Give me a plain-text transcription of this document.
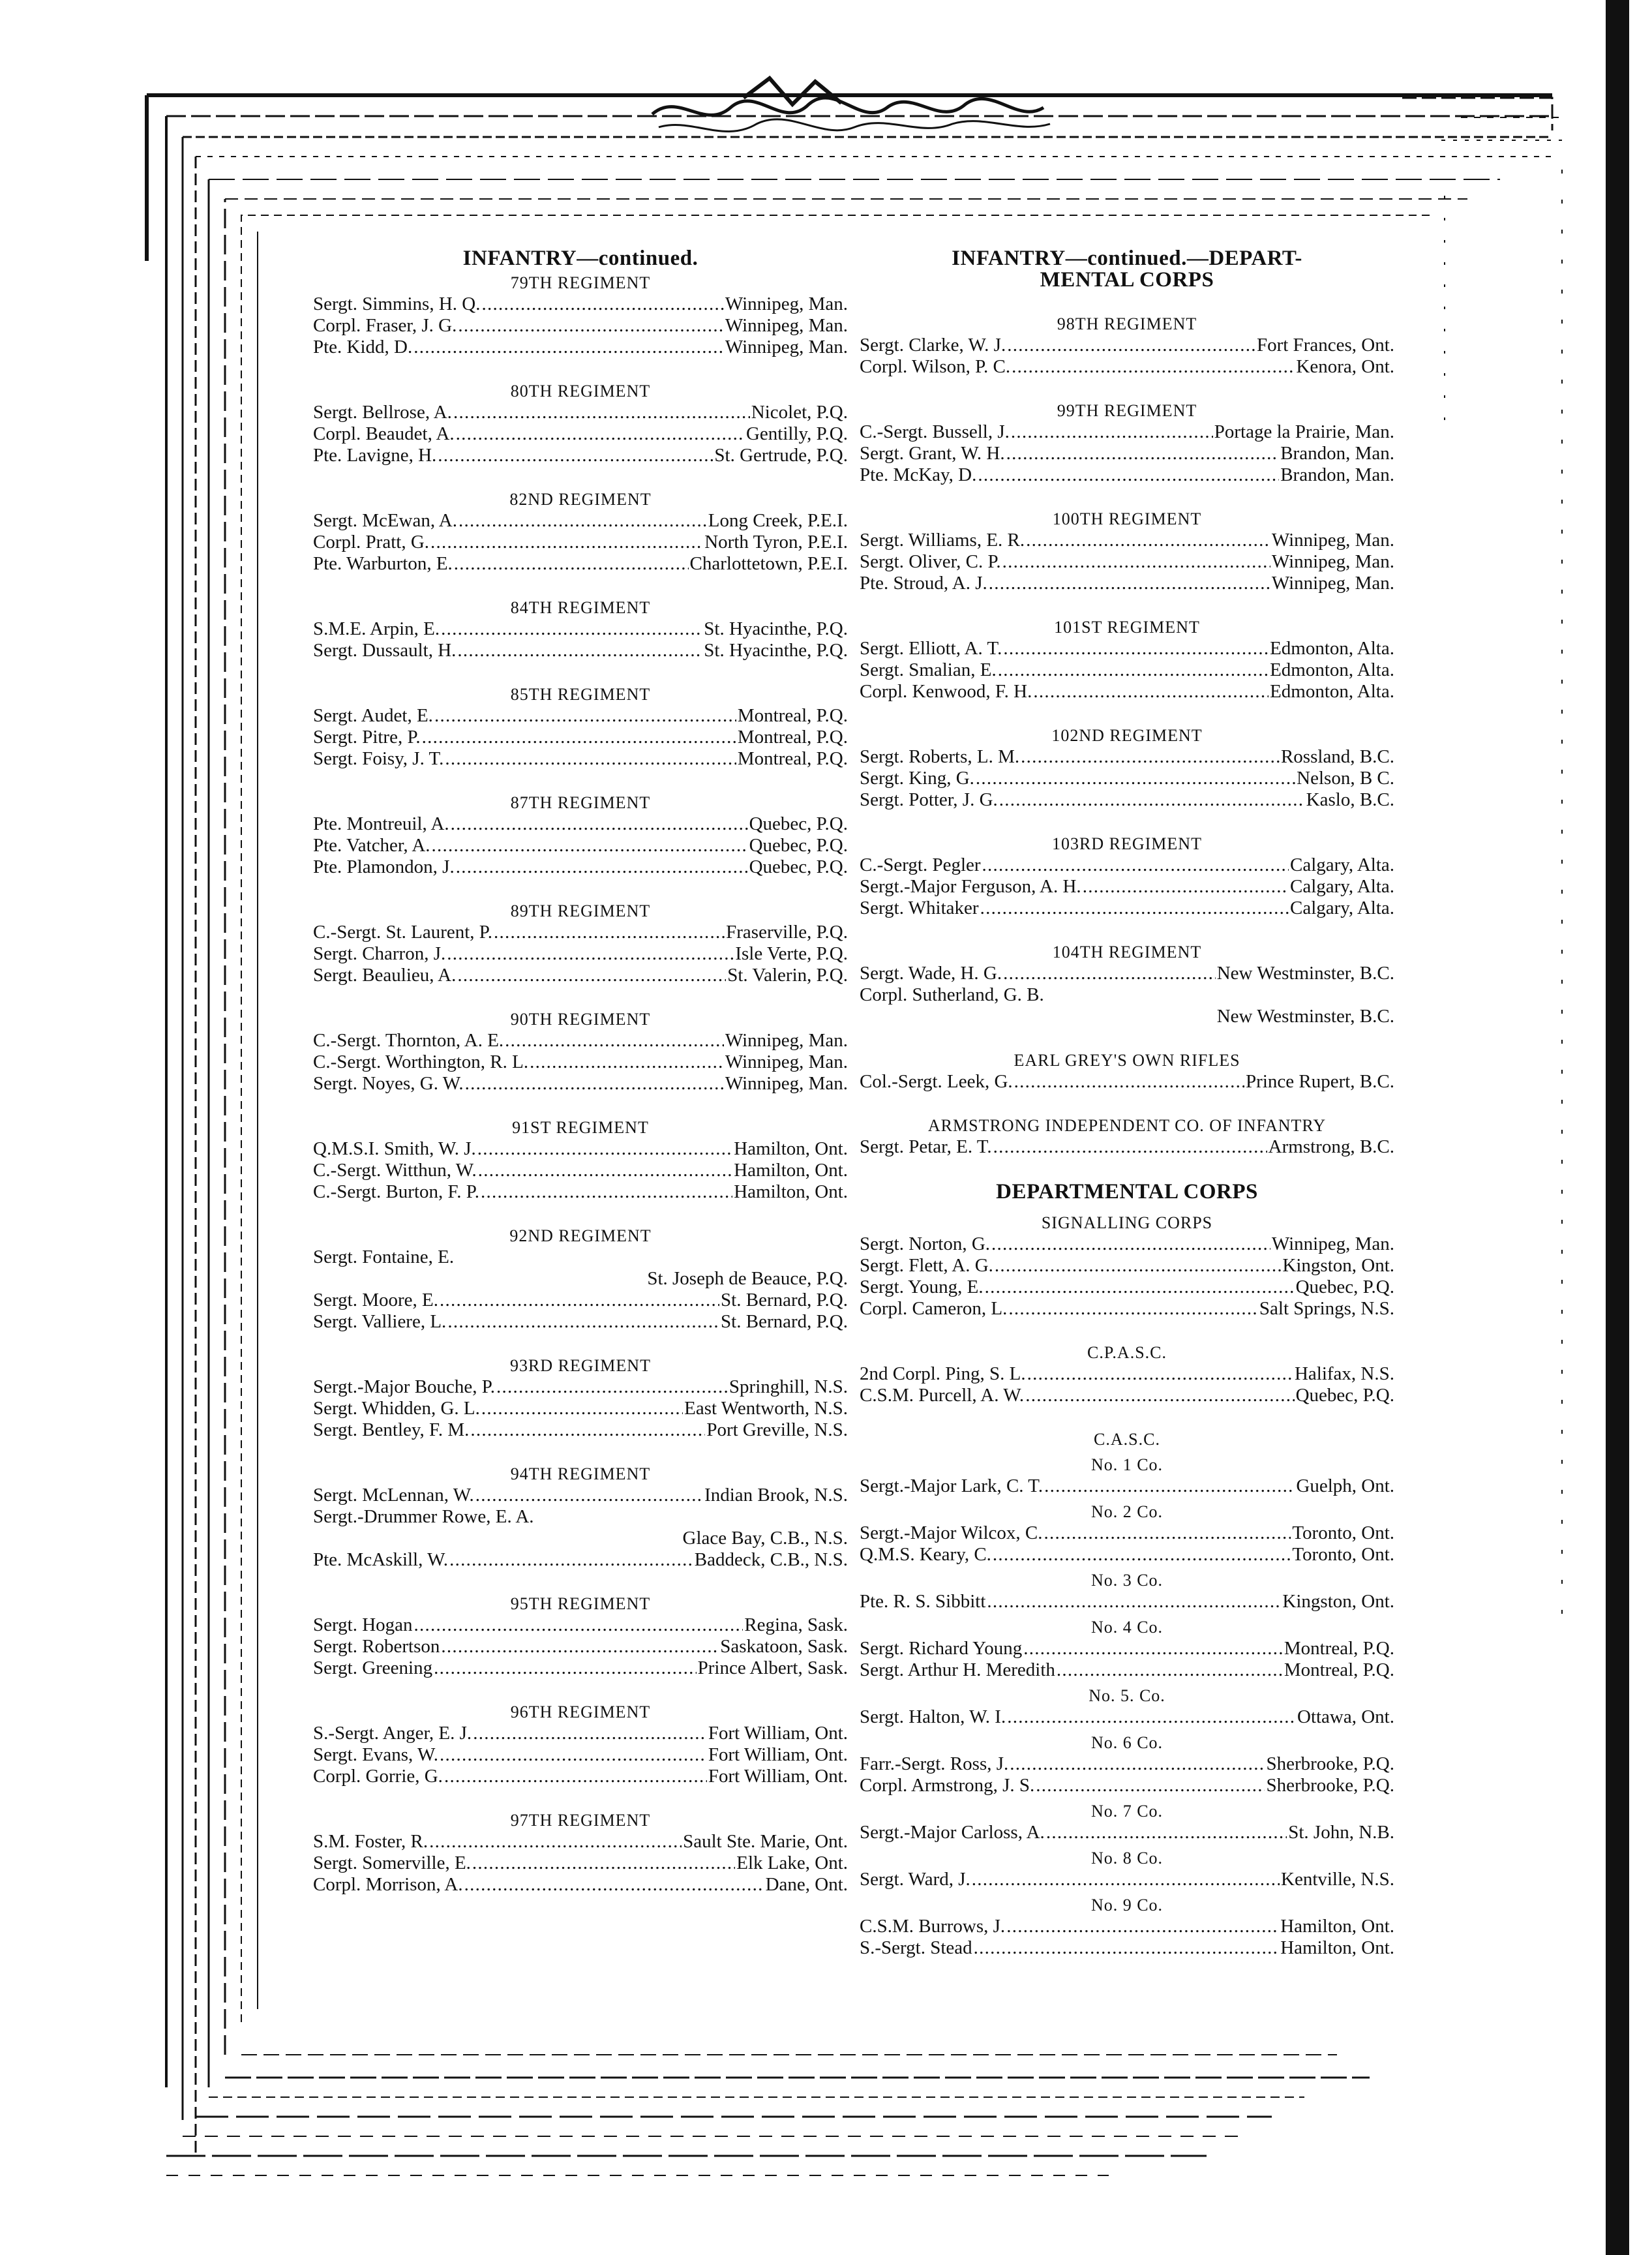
INFANTRY—continued.
79TH REGIMENT
Sergt. Simmins, H. Q. . . .	Winnipeg, Man.
Corpl. Fraser, J. G. . . .	Winnipeg, Man.
Pte. Kidd, D. . . .	Winnipeg, Man.
80TH REGIMENT
Sergt. Bellrose, A. . . .	Nicolet, P.Q.
Corpl. Beaudet, A. . . .	Gentilly, P.Q.
Pte. Lavigne, H. . . .	St. Gertrude, P.Q.
82ND REGIMENT
Sergt. McEwan, A. . . .	Long Creek, P.E.I.
Corpl. Pratt, G. . . .	North Tyron, P.E.I.
Pte. Warburton, E. . . .	Charlottetown, P.E.I.
84TH REGIMENT
S.M.E. Arpin, E. . . .	St. Hyacinthe, P.Q.
Sergt. Dussault, H. . . .	St. Hyacinthe, P.Q.
85TH REGIMENT
Sergt. Audet, E. . . .	Montreal, P.Q.
Sergt. Pitre, P. . . .	Montreal, P.Q.
Sergt. Foisy, J. T. . . .	Montreal, P.Q.
87TH REGIMENT
Pte. Montreuil, A. . . .	Quebec, P.Q.
Pte. Vatcher, A. . . .	Quebec, P.Q.
Pte. Plamondon, J. . . .	Quebec, P.Q.
89TH REGIMENT
C.-Sergt. St. Laurent, P. . . .	Fraserville, P.Q.
Sergt. Charron, J. . . .	Isle Verte, P.Q.
Sergt. Beaulieu, A. . . .	St. Valerin, P.Q.
90TH REGIMENT
C.-Sergt. Thornton, A. E. . . .	Winnipeg, Man.
C.-Sergt. Worthington, R. L. . . .	Winnipeg, Man.
Sergt. Noyes, G. W. . . .	Winnipeg, Man.
91ST REGIMENT
Q.M.S.I. Smith, W. J. . . .	Hamilton, Ont.
C.-Sergt. Witthun, W. . . .	Hamilton, Ont.
C.-Sergt. Burton, F. P. . . .	Hamilton, Ont.
92ND REGIMENT
Sergt. Fontaine, E.
St. Joseph de Beauce, P.Q.
Sergt. Moore, E. . . .	St. Bernard, P.Q.
Sergt. Valliere, L. . . .	St. Bernard, P.Q.
93RD REGIMENT
Sergt.-Major Bouche, P. . . .	Springhill, N.S.
Sergt. Whidden, G. L. . . .	East Wentworth, N.S.
Sergt. Bentley, F. M. . . .	Port Greville, N.S.
94TH REGIMENT
Sergt. McLennan, W. . . .	Indian Brook, N.S.
Sergt.-Drummer Rowe, E. A.
Glace Bay, C.B., N.S.
Pte. McAskill, W. . . .	Baddeck, C.B., N.S.
95TH REGIMENT
Sergt. Hogan . . .	Regina, Sask.
Sergt. Robertson . . .	Saskatoon, Sask.
Sergt. Greening . . .	Prince Albert, Sask.
96TH REGIMENT
S.-Sergt. Anger, E. J. . . .	Fort William, Ont.
Sergt. Evans, W. . . .	Fort William, Ont.
Corpl. Gorrie, G. . . .	Fort William, Ont.
97TH REGIMENT
S.M. Foster, R. . . .	Sault Ste. Marie, Ont.
Sergt. Somerville, E. . . .	Elk Lake, Ont.
Corpl. Morrison, A. . . .	Dane, Ont.
INFANTRY—continued.—DEPART-
MENTAL CORPS
98TH REGIMENT
Sergt. Clarke, W. J. . . .	Fort Frances, Ont.
Corpl. Wilson, P. C. . . .	Kenora, Ont.
99TH REGIMENT
C.-Sergt. Bussell, J. . . .	Portage la Prairie, Man.
Sergt. Grant, W. H. . . .	Brandon, Man.
Pte. McKay, D. . . .	Brandon, Man.
100TH REGIMENT
Sergt. Williams, E. R. . . .	Winnipeg, Man.
Sergt. Oliver, C. P. . . .	Winnipeg, Man.
Pte. Stroud, A. J. . . .	Winnipeg, Man.
101ST REGIMENT
Sergt. Elliott, A. T. . . .	Edmonton, Alta.
Sergt. Smalian, E. . . .	Edmonton, Alta.
Corpl. Kenwood, F. H. . . .	Edmonton, Alta.
102ND REGIMENT
Sergt. Roberts, L. M. . . .	Rossland, B.C.
Sergt. King, G. . . .	Nelson, B C.
Sergt. Potter, J. G. . . .	Kaslo, B.C.
103RD REGIMENT
C.-Sergt. Pegler . . .	Calgary, Alta.
Sergt.-Major Ferguson, A. H. . . .	Calgary, Alta.
Sergt. Whitaker . . .	Calgary, Alta.
104TH REGIMENT
Sergt. Wade, H. G. . . .	New Westminster, B.C.
Corpl. Sutherland, G. B.
New Westminster, B.C.
EARL GREY'S OWN RIFLES
Col.-Sergt. Leek, G. . . .	Prince Rupert, B.C.
ARMSTRONG INDEPENDENT CO. OF INFANTRY
Sergt. Petar, E. T. . . .	Armstrong, B.C.
DEPARTMENTAL CORPS
SIGNALLING CORPS
Sergt. Norton, G. . . .	Winnipeg, Man.
Sergt. Flett, A. G. . . .	Kingston, Ont.
Sergt. Young, E. . . .	Quebec, P.Q.
Corpl. Cameron, L. . . .	Salt Springs, N.S.
C.P.A.S.C.
2nd Corpl. Ping, S. L. . . .	Halifax, N.S.
C.S.M. Purcell, A. W. . . .	Quebec, P.Q.
C.A.S.C.
No. 1 Co.
Sergt.-Major Lark, C. T. . . .	Guelph, Ont.
No. 2 Co.
Sergt.-Major Wilcox, C. . . .	Toronto, Ont.
Q.M.S. Keary, C. . . .	Toronto, Ont.
No. 3 Co.
Pte. R. S. Sibbitt . . .	Kingston, Ont.
No. 4 Co.
Sergt. Richard Young . . .	Montreal, P.Q.
Sergt. Arthur H. Meredith . . .	Montreal, P.Q.
No. 5. Co.
Sergt. Halton, W. I. . . .	Ottawa, Ont.
No. 6 Co.
Farr.-Sergt. Ross, J. . . .	Sherbrooke, P.Q.
Corpl. Armstrong, J. S. . . .	Sherbrooke, P.Q.
No. 7 Co.
Sergt.-Major Carloss, A. . . .	St. John, N.B.
No. 8 Co.
Sergt. Ward, J. . . .	Kentville, N.S.
No. 9 Co.
C.S.M. Burrows, J. . . .	Hamilton, Ont.
S.-Sergt. Stead . . .	Hamilton, Ont.
